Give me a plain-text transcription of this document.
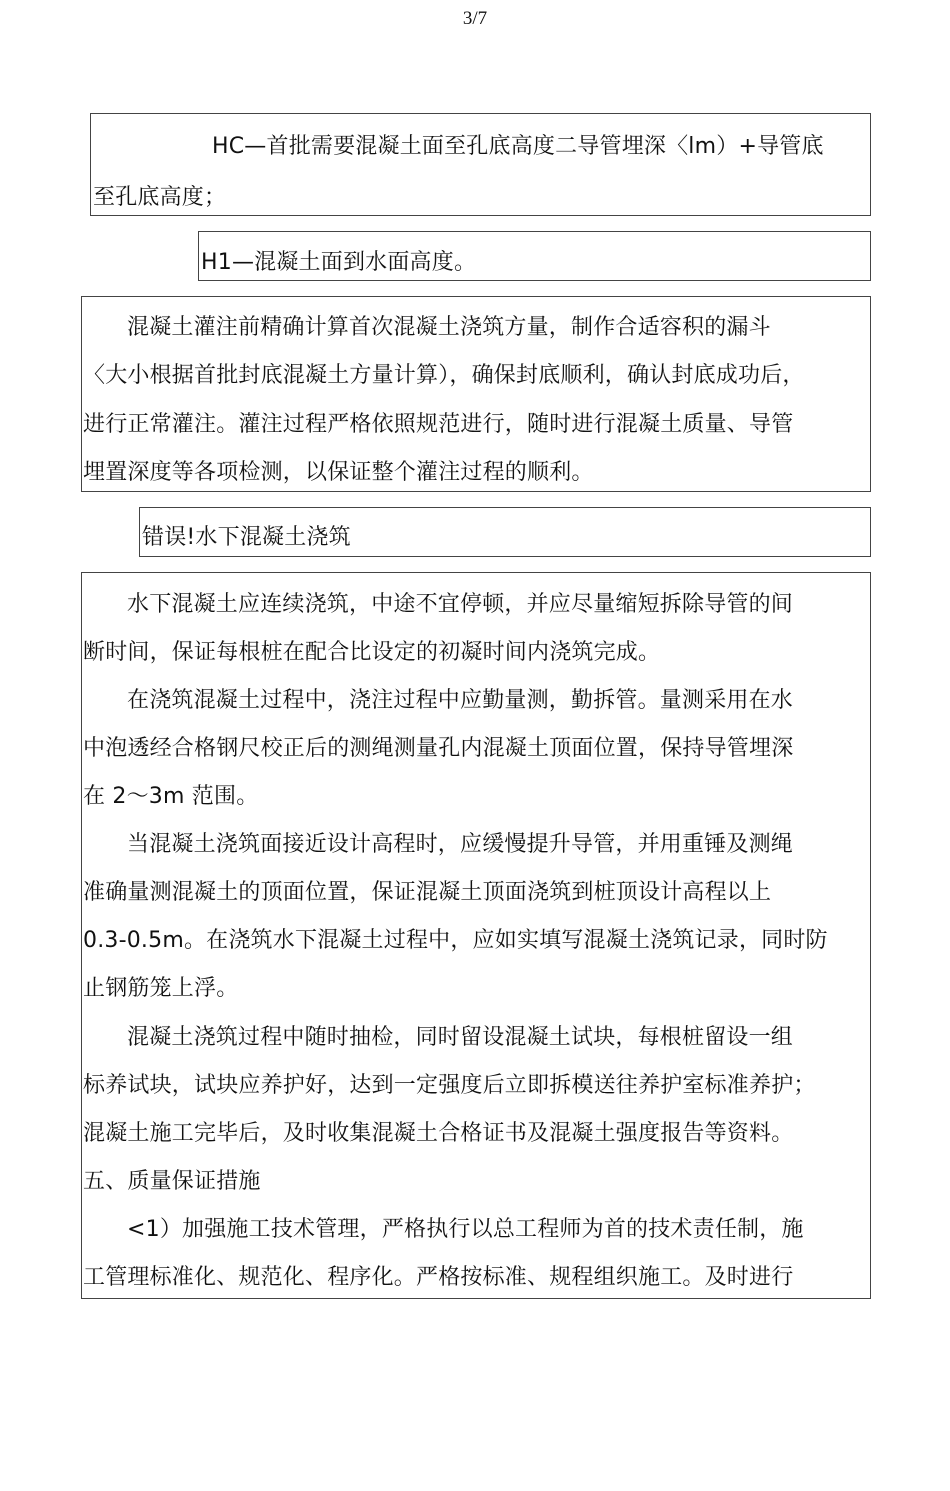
3/7
HC—首批需要混凝土面至孔底高度二导管埋深〈lm）+导管底
至孔底高度；
H1—混凝土面到水面高度。
混凝土灌注前精确计算首次混凝土浇筑方量，制作合适容积的漏斗
〈大小根据首批封底混凝土方量计算），确保封底顺利，确认封底成功后，
进行正常灌注。灌注过程严格依照规范进行，随时进行混凝土质量、导管
埋置深度等各项检测，以保证整个灌注过程的顺利。
错误!水下混凝土浇筑
水下混凝土应连续浇筑，中途不宜停顿，并应尽量缩短拆除导管的间
断时间，保证每根桩在配合比设定的初凝时间内浇筑完成。
在浇筑混凝土过程中，浇注过程中应勤量测，勤拆管。量测采用在水
中泡透经合格钢尺校正后的测绳测量孔内混凝土顶面位置，保持导管埋深
在 2〜3m 范围。
当混凝土浇筑面接近设计高程时，应缓慢提升导管，并用重锤及测绳
准确量测混凝土的顶面位置，保证混凝土顶面浇筑到桩顶设计高程以上
0.3-0.5m。在浇筑水下混凝土过程中，应如实填写混凝土浇筑记录，同时防
止钢筋笼上浮。
混凝土浇筑过程中随时抽检，同时留设混凝土试块，每根桩留设一组
标养试块，试块应养护好，达到一定强度后立即拆模送往养护室标准养护；
混凝土施工完毕后，及时收集混凝土合格证书及混凝土强度报告等资料。
五、质量保证措施
<1）加强施工技术管理，严格执行以总工程师为首的技术责任制，施
工管理标准化、规范化、程序化。严格按标准、规程组织施工。及时进行
